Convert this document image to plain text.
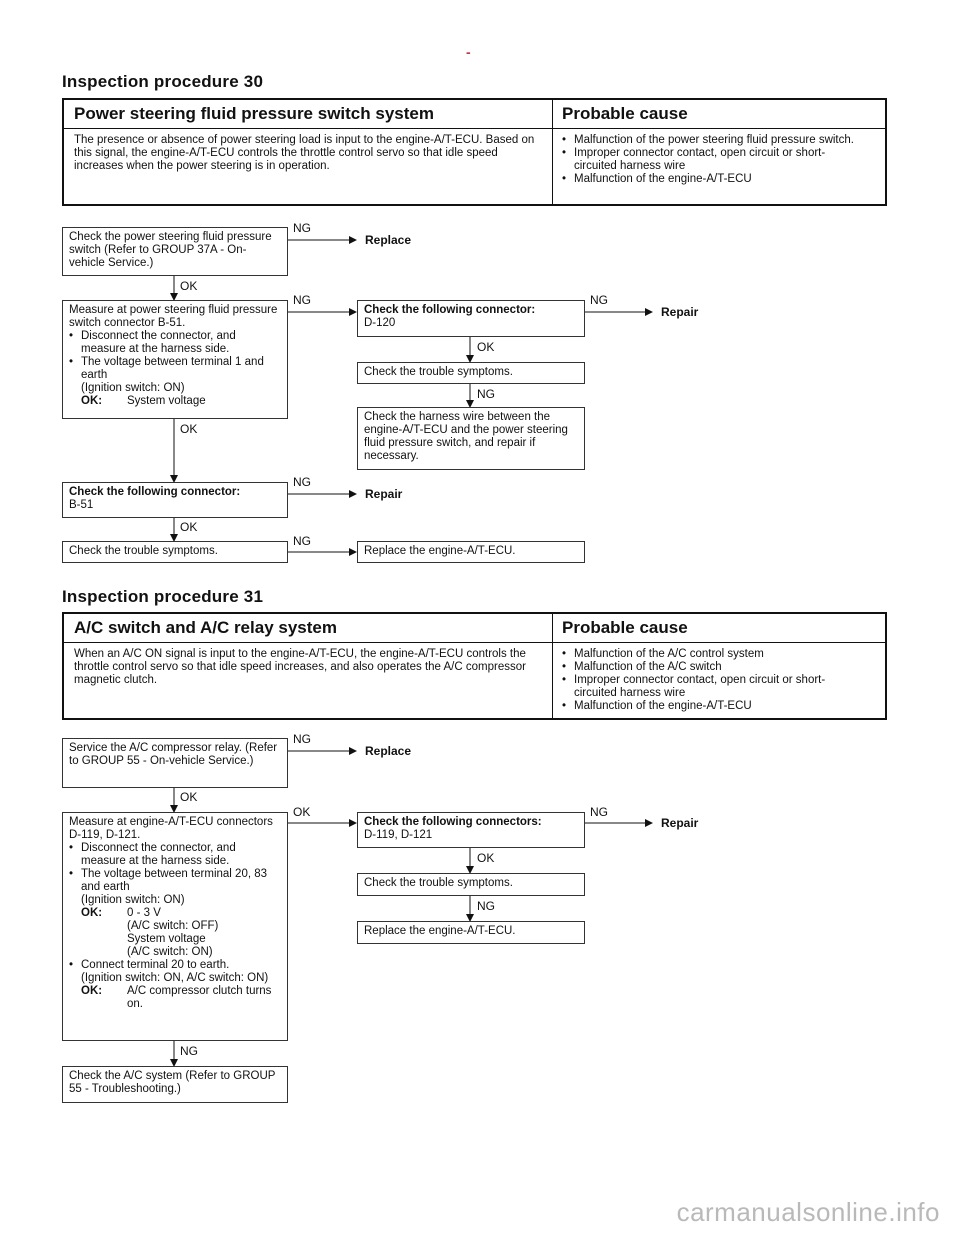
-
Inspection procedure 30
Power steering fluid pressure switch system	Probable cause
The presence or absence of power steering load is input to the engine-A/T-ECU. Based on this signal, the engine-A/T-ECU controls the throttle control servo so that idle speed increases when the power steering is in operation.
• Malfunction of the power steering fluid pressure switch.
• Improper connector contact, open circuit or short-circuited harness wire
• Malfunction of the engine-A/T-ECU
Check the power steering fluid pressure switch (Refer to GROUP 37A - On-vehicle Service.)
NG
Replace
OK
Measure at power steering fluid pressure switch connector B-51.
• Disconnect the connector, and measure at the harness side.
• The voltage between terminal 1 and earth
(Ignition switch: ON)
OK:	System voltage
NG
Check the following connector:
D-120
NG
Repair
OK
Check the trouble symptoms.
NG
Check the harness wire between the engine-A/T-ECU and the power steering fluid pressure switch, and repair if necessary.
OK
Check the following connector:
B-51
NG
Repair
OK
Check the trouble symptoms.
NG
Replace the engine-A/T-ECU.
Inspection procedure 31
A/C switch and A/C relay system	Probable cause
When an A/C ON signal is input to the engine-A/T-ECU, the engine-A/T-ECU controls the throttle control servo so that idle speed increases, and also operates the A/C compressor magnetic clutch.
• Malfunction of the A/C control system
• Malfunction of the A/C switch
• Improper connector contact, open circuit or short-circuited harness wire
• Malfunction of the engine-A/T-ECU
Service the A/C compressor relay. (Refer to GROUP 55 - On-vehicle Service.)
NG
Replace
OK
Measure at engine-A/T-ECU connectors D-119, D-121.
• Disconnect the connector, and measure at the harness side.
• The voltage between terminal 20, 83 and earth
(Ignition switch: ON)
OK:	0 - 3 V
(A/C switch: OFF)
System voltage
(A/C switch: ON)
• Connect terminal 20 to earth.
(Ignition switch: ON, A/C switch: ON)
OK:	A/C compressor clutch turns on.
OK
Check the following connectors:
D-119, D-121
NG
Repair
OK
Check the trouble symptoms.
NG
Replace the engine-A/T-ECU.
NG
Check the A/C system (Refer to GROUP 55 - Troubleshooting.)
carmanualsonline.info
